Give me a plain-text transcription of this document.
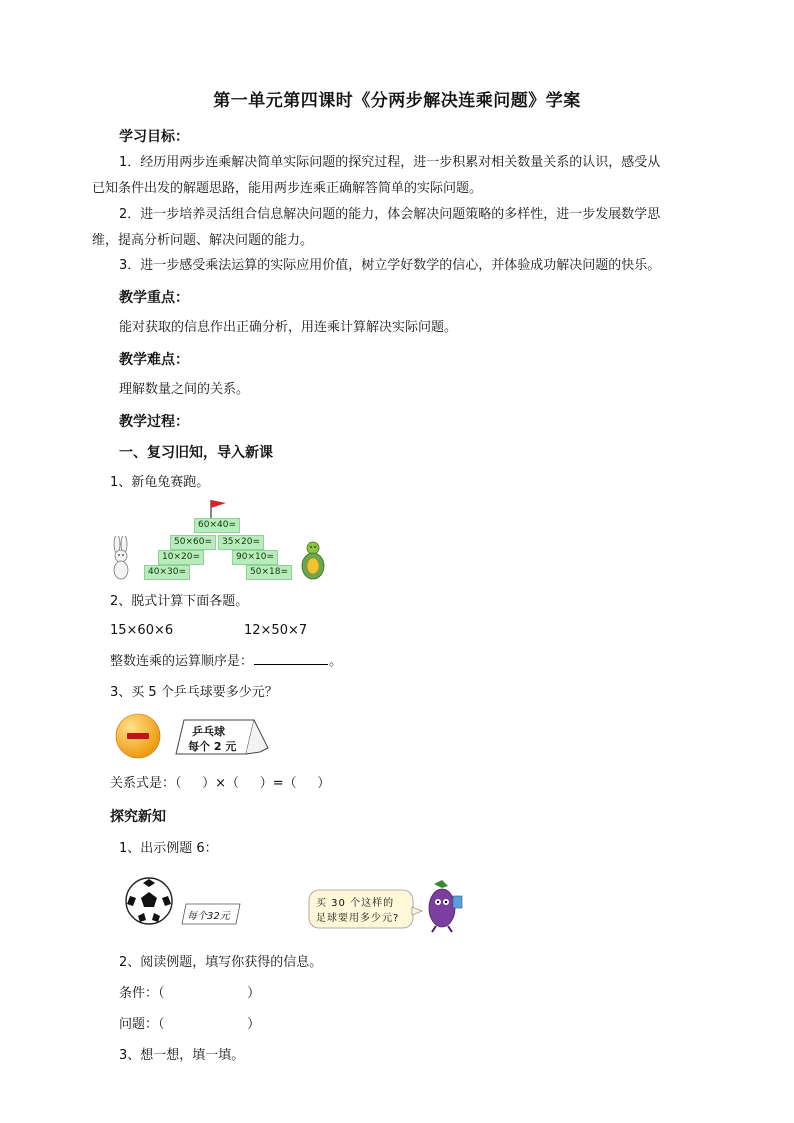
第一单元第四课时《分两步解决连乘问题》学案
学习目标：
1．经历用两步连乘解决简单实际问题的探究过程，进一步积累对相关数量关系的认识，感受从
已知条件出发的解题思路，能用两步连乘正确解答简单的实际问题。
2．进一步培养灵活组合信息解决问题的能力，体会解决问题策略的多样性，进一步发展数学思
维，提高分析问题、解决问题的能力。
3．进一步感受乘法运算的实际应用价值，树立学好数学的信心，并体验成功解决问题的快乐。
教学重点：
能对获取的信息作出正确分析，用连乘计算解决实际问题。
教学难点：
理解数量之间的关系。
教学过程：
一、复习旧知，导入新课
1、新龟兔赛跑。
60×40=
50×60=	35×20=
10×20=	90×10=
40×30=	50×18=
2、脱式计算下面各题。
15×60×6	12×50×7
整数连乘的运算顺序是：	。
3、买 5 个乒乓球要多少元？
乒乓球
每个 2 元
关系式是：（     ）×（     ）=（     ）
探究新知
1、出示例题 6：
每个32元
买 30 个这样的
足球要用多少元?
2、阅读例题，填写你获得的信息。
条件：（                    ）
问题：（                    ）
3、想一想，填一填。
